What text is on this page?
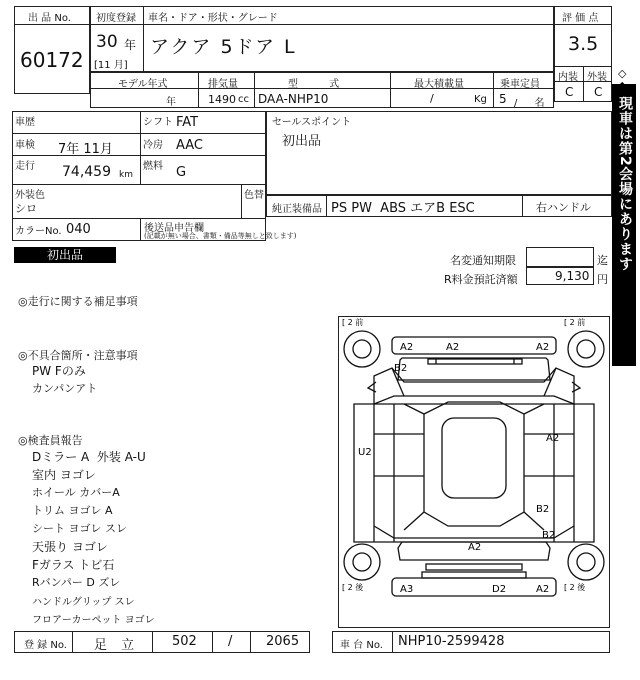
出 品 No.
60172
初度登録 車名・ドア・形状・グレード
30 年
[11 月]
アクア 5ドア L
評 価 点
3.5
内装 外装
C C
モデル年式	排気量	型 式	最大積載量	乗車定員
年	1490 cc DAA-NHP10	/	Kg 5 / 名
車歴	シフト FAT
車検 7年 11月	冷房 AAC
走行 74,459 km
燃料 G
外装色
シロ
色替
カラーNo. 040	後送品申告欄
(記載が無い場合、書類・備品等無しと致します)
セールスポイント
初出品
純正装備品 PS PW  ABS エアB ESC	右ハンドル
初出品	名変通知期限	迄
R料金預託済額	9,130 円
◎走行に関する補足事項
◎不具合箇所・注意事項
PW Fのみ
カンパンアト
◎検査員報告
Dミラー A  外装 A-U
室内 ヨゴレ
ホイール カバーA
トリム ヨゴレ A
シート ヨゴレ スレ
天張り ヨゴレ
Fガラス トビ石
Rバンパー D ズレ
ハンドルグリップ スレ
フロアーカーペット ヨゴレ
[ 2 前	[ 2 前
[ 2 後	[ 2 後
A2	A2	A2
B2
U2
A2
B2
B2
A2
A3	D2	A2
◇
現車は第2会場にあります
◇◆
登 録 No. 足 立	502 /	2065	車 台 No. NHP10-2599428
